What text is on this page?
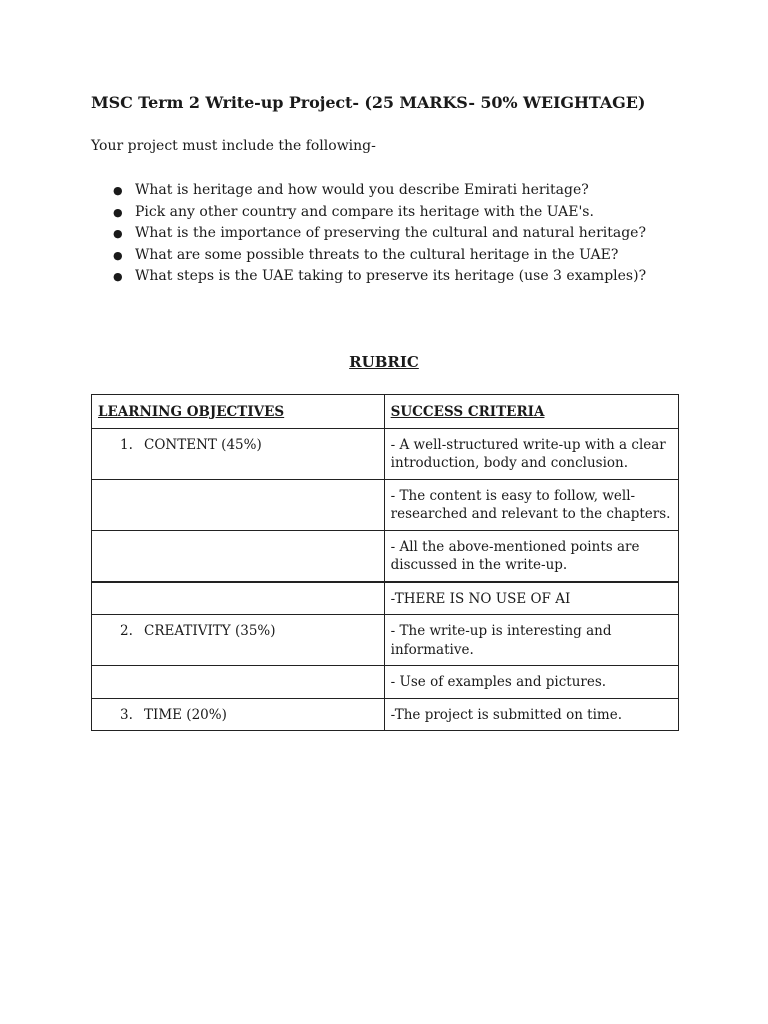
MSC Term 2 Write-up Project- (25 MARKS- 50% WEIGHTAGE)

Your project must include the following-

● What is heritage and how would you describe Emirati heritage?
● Pick any other country and compare its heritage with the UAE's.
● What is the importance of preserving the cultural and natural heritage?
● What are some possible threats to the cultural heritage in the UAE?
● What steps is the UAE taking to preserve its heritage (use 3 examples)?
RUBRIC
LEARNING OBJECTIVES	SUCCESS CRITERIA

1. CONTENT (45%)	- A well-structured write-up with a clear introduction, body and conclusion.

	- The content is easy to follow, well-researched and relevant to the chapters.

	- All the above-mentioned points are discussed in the write-up.

	-THERE IS NO USE OF AI

2. CREATIVITY (35%)	- The write-up is interesting and informative.

	- Use of examples and pictures.

3. TIME (20%)	-The project is submitted on time.
